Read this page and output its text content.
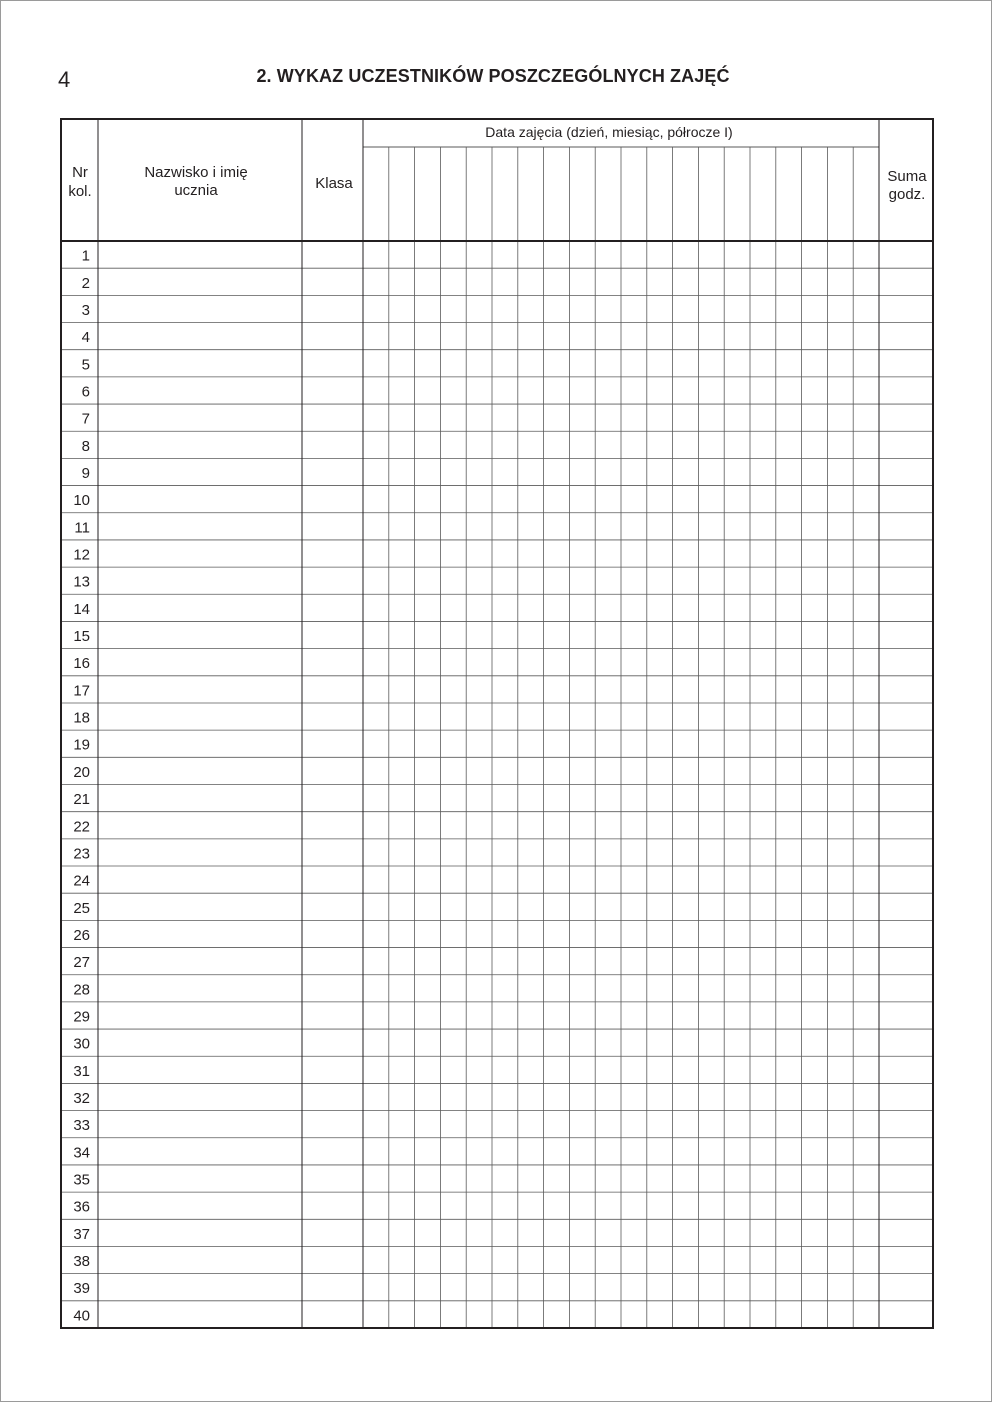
4	2. WYKAZ UCZESTNIKÓW POSZCZEGÓLNYCH ZAJĘĆ
Nr
kol.
Nazwisko i imię
ucznia	Klasa
Data zajęcia (dzień, miesiąc, półrocze I)
Suma
godz.
1
2
3
4
5
6
7
8
9
10
11
12
13
14
15
16
17
18
19
20
21
22
23
24
25
26
27
28
29
30
31
32
33
34
35
36
37
38
39
40
